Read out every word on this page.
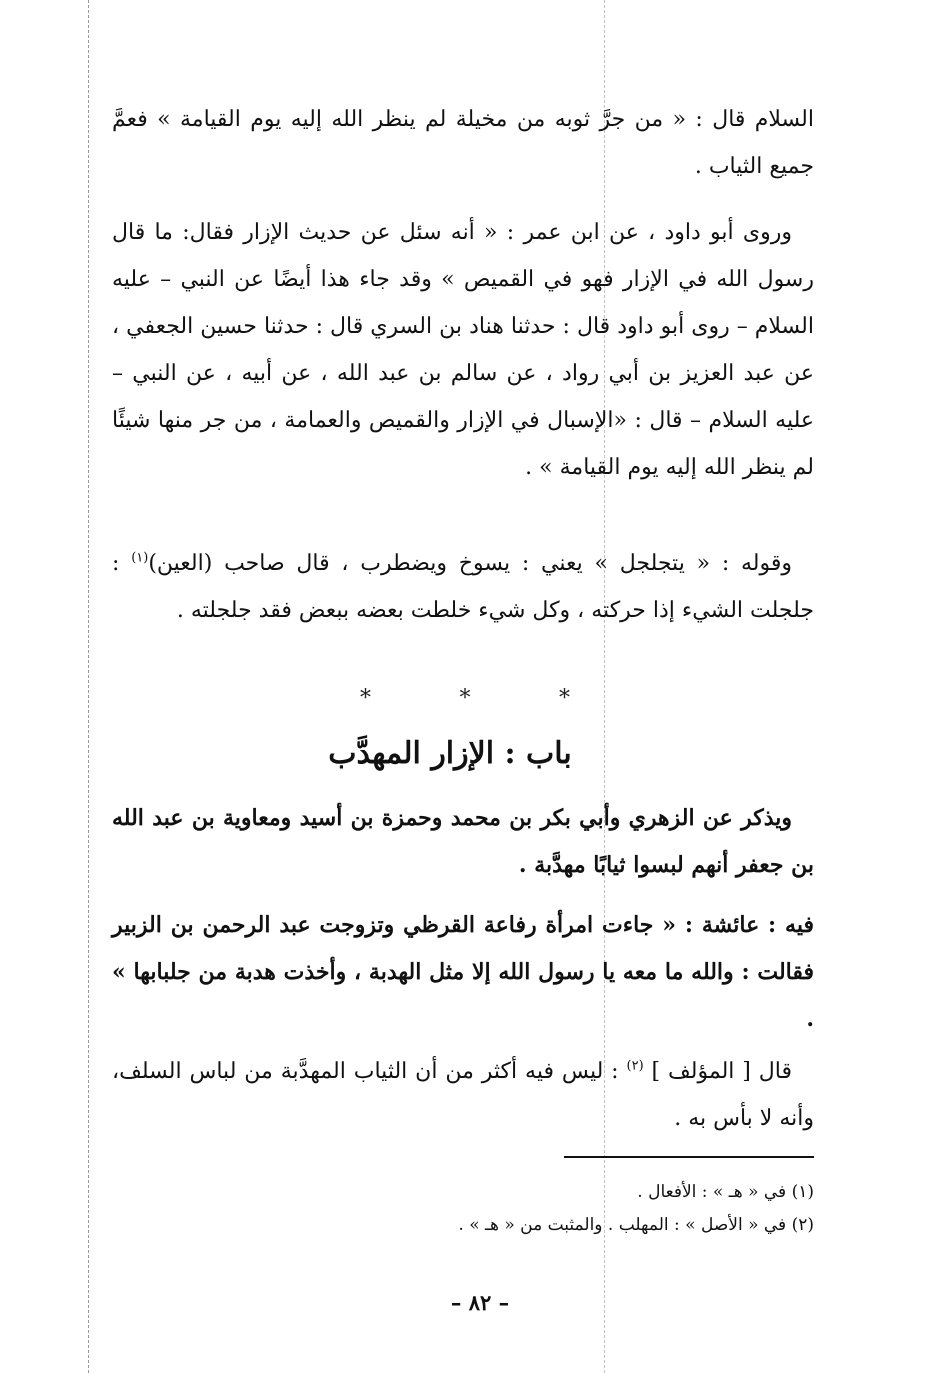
السلام قال : « من جرَّ ثوبه من مخيلة لم ينظر الله إليه يوم القيامة » فعمَّ جميع الثياب .

وروى أبو داود ، عن ابن عمر : « أنه سئل عن حديث الإزار فقال: ما قال رسول الله في الإزار فهو في القميص » وقد جاء هذا أيضًا عن النبي – عليه السلام – روى أبو داود قال : حدثنا هناد بن السري قال : حدثنا حسين الجعفي ، عن عبد العزيز بن أبي رواد ، عن سالم بن عبد الله ، عن أبيه ، عن النبي – عليه السلام – قال : «الإسبال في الإزار والقميص والعمامة ، من جر منها شيئًا لم ينظر الله إليه يوم القيامة » .

وقوله : « يتجلجل » يعني : يسوخ ويضطرب ، قال صاحب (العين)$^{(١)}$ : جلجلت الشيء إذا حركته ، وكل شيء خلطت بعضه ببعض فقد جلجلته .

*	*	*
باب : الإزار المهدَّب

ويذكر عن الزهري وأبي بكر بن محمد وحمزة بن أسيد ومعاوية بن عبد الله بن جعفر أنهم لبسوا ثيابًا مهدَّبة .

فيه : عائشة : « جاءت امرأة رفاعة القرظي وتزوجت عبد الرحمن بن الزبير فقالت : والله ما معه يا رسول الله إلا مثل الهدبة ، وأخذت هدبة من جلبابها » .

قال [ المؤلف ] $^{(٢)}$ : ليس فيه أكثر من أن الثياب المهدَّبة من لباس السلف، وأنه لا بأس به .

(١) في « هـ » : الأفعال .
(٢) في « الأصل » : المهلب . والمثبت من « هـ » .
– ٨٢ –
